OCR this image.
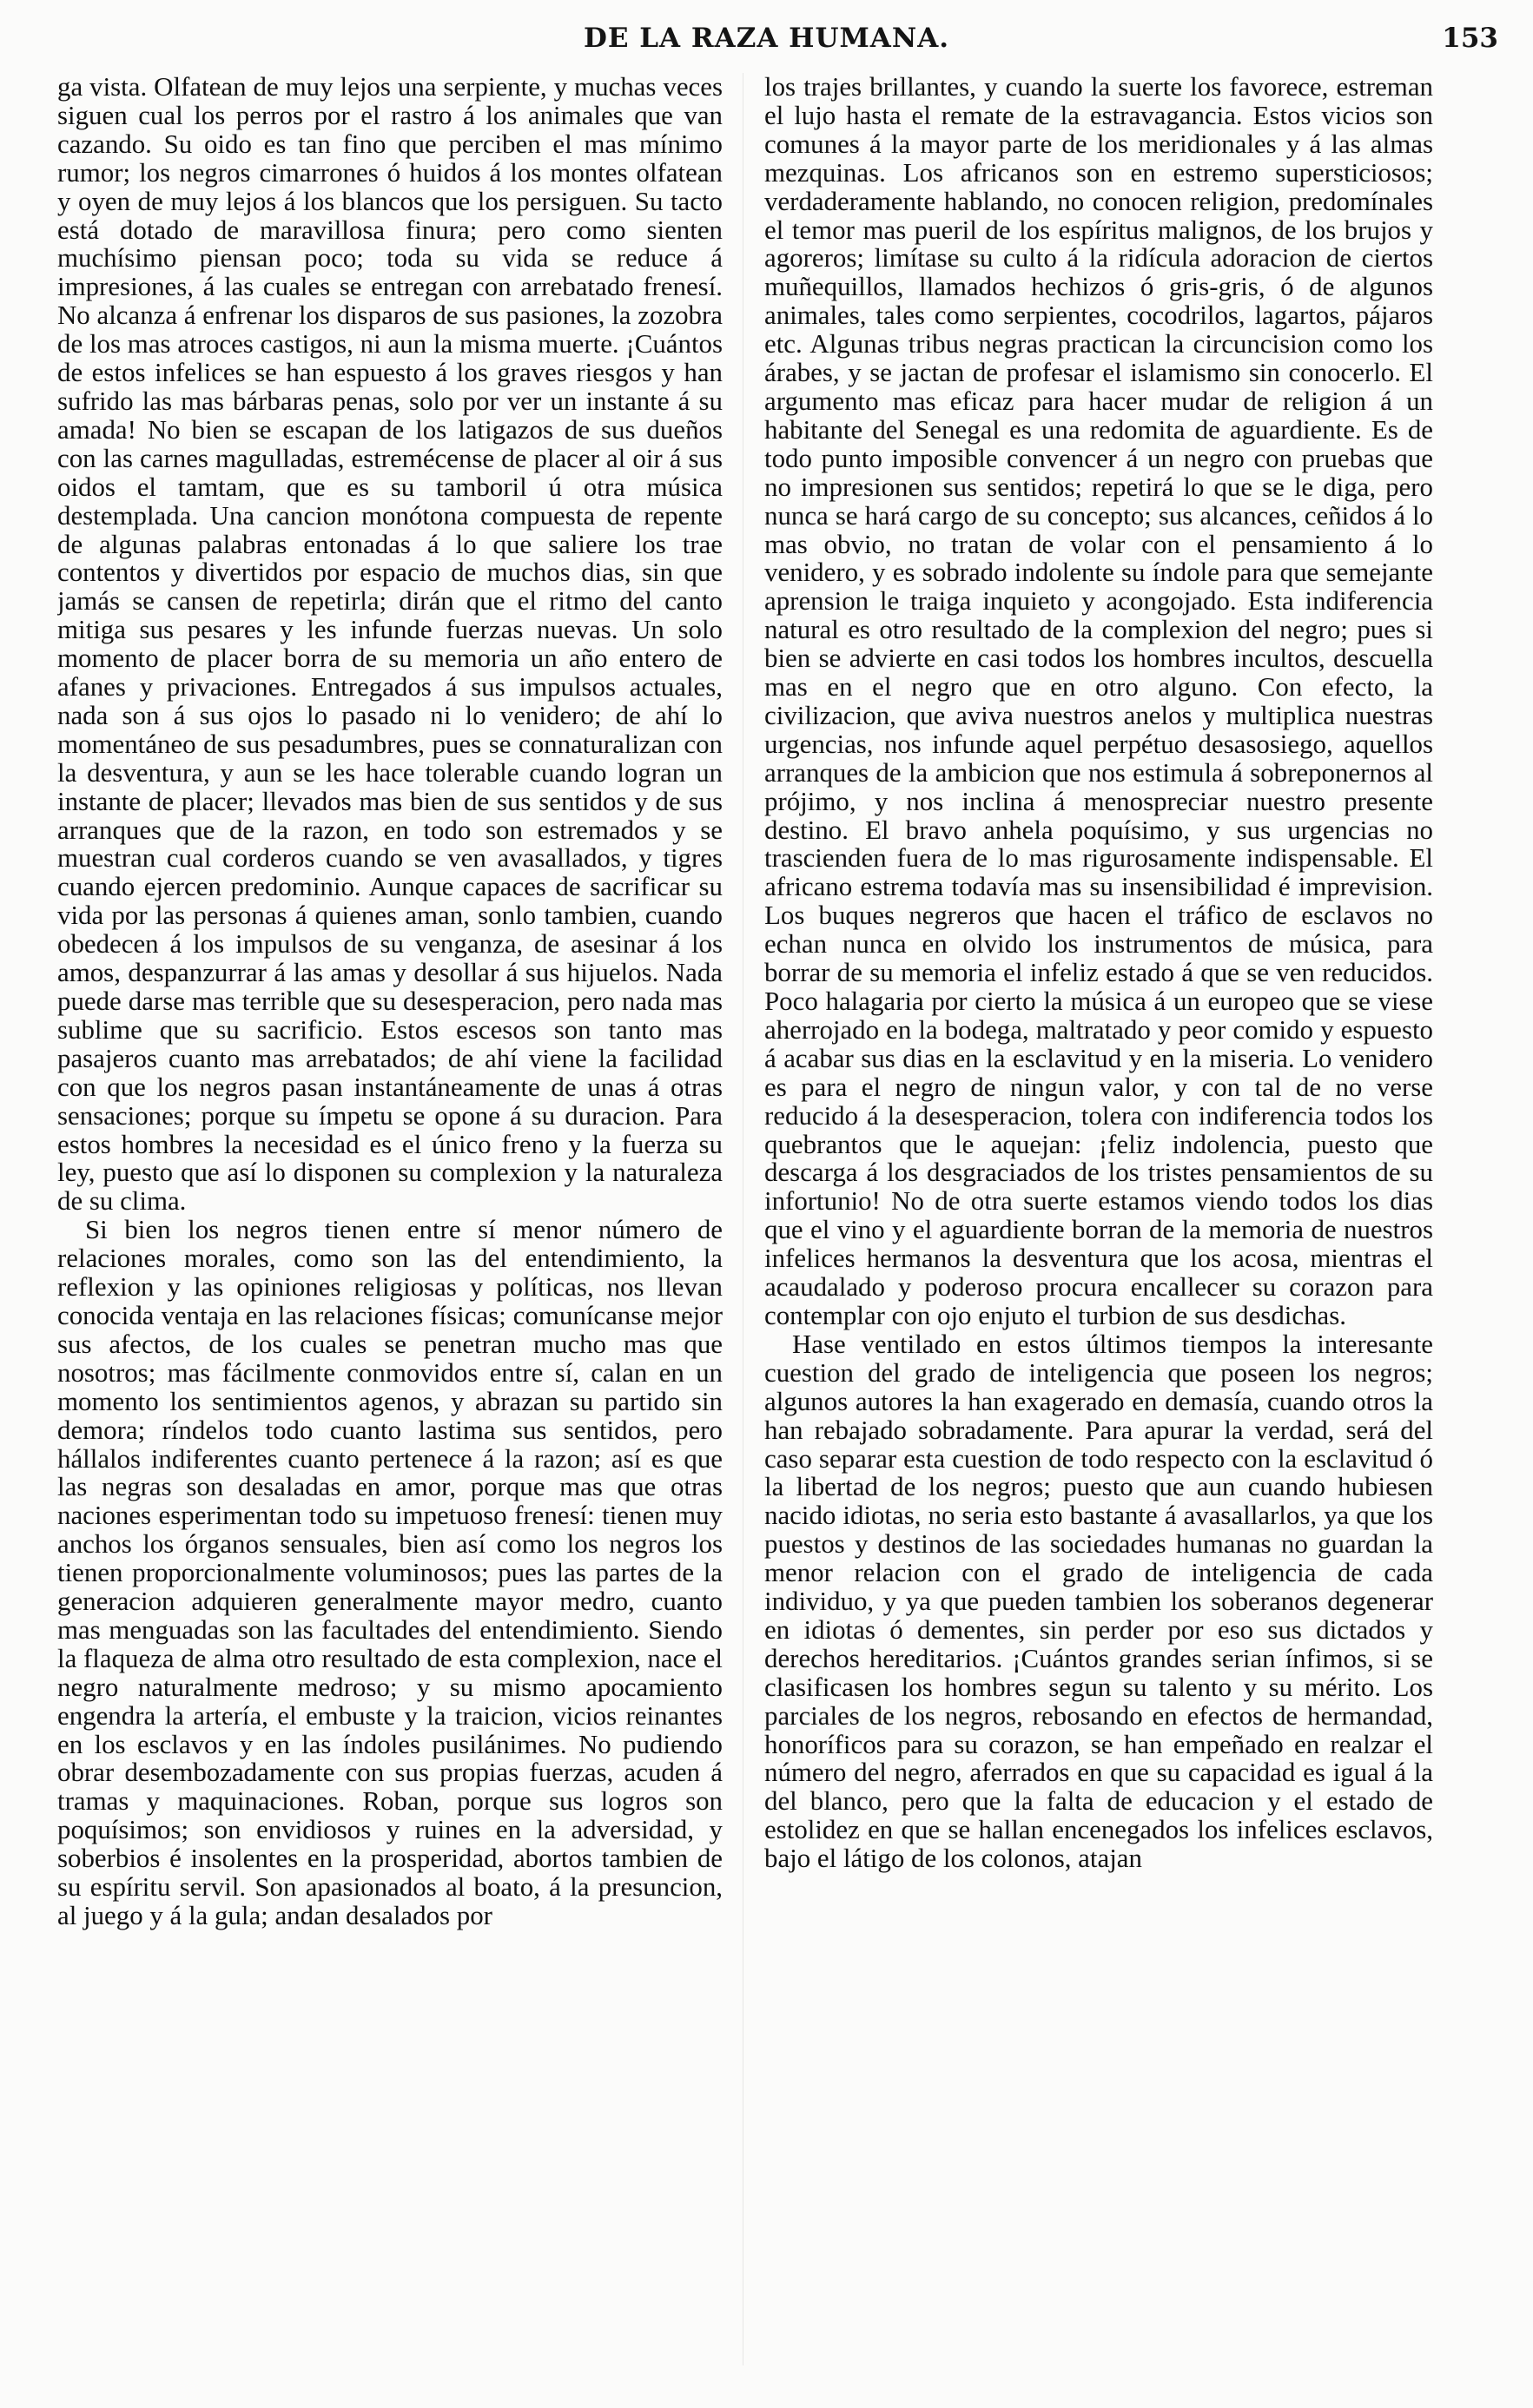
DE LA RAZA HUMANA.	153

ga vista. Olfatean de muy lejos una serpiente, y muchas veces siguen cual los perros por el rastro á los animales que van cazando. Su oido es tan fino que perciben el mas mínimo rumor; los negros cimarrones ó huidos á los montes olfatean y oyen de muy lejos á los blancos que los persiguen. Su tacto está dotado de maravillosa finura; pero como sienten muchísimo piensan poco; toda su vida se reduce á impresiones, á las cuales se entregan con arrebatado frenesí. No alcanza á enfrenar los disparos de sus pasiones, la zozobra de los mas atroces castigos, ni aun la misma muerte. ¡Cuántos de estos infelices se han espuesto á los graves riesgos y han sufrido las mas bárbaras penas, solo por ver un instante á su amada! No bien se escapan de los latigazos de sus dueños con las carnes magulladas, estremécense de placer al oir á sus oidos el tamtam, que es su tamboril ú otra música destemplada. Una cancion monótona compuesta de repente de algunas palabras entonadas á lo que saliere los trae contentos y divertidos por espacio de muchos dias, sin que jamás se cansen de repetirla; dirán que el ritmo del canto mitiga sus pesares y les infunde fuerzas nuevas. Un solo momento de placer borra de su memoria un año entero de afanes y privaciones. Entregados á sus impulsos actuales, nada son á sus ojos lo pasado ni lo venidero; de ahí lo momentáneo de sus pesadumbres, pues se connaturalizan con la desventura, y aun se les hace tolerable cuando logran un instante de placer; llevados mas bien de sus sentidos y de sus arranques que de la razon, en todo son estremados y se muestran cual corderos cuando se ven avasallados, y tigres cuando ejercen predominio. Aunque capaces de sacrificar su vida por las personas á quienes aman, sonlo tambien, cuando obedecen á los impulsos de su venganza, de asesinar á los amos, despanzurrar á las amas y desollar á sus hijuelos. Nada puede darse mas terrible que su desesperacion, pero nada mas sublime que su sacrificio. Estos escesos son tanto mas pasajeros cuanto mas arrebatados; de ahí viene la facilidad con que los negros pasan instantáneamente de unas á otras sensaciones; porque su ímpetu se opone á su duracion. Para estos hombres la necesidad es el único freno y la fuerza su ley, puesto que así lo disponen su complexion y la naturaleza de su clima.

Si bien los negros tienen entre sí menor número de relaciones morales, como son las del entendimiento, la reflexion y las opiniones religiosas y políticas, nos llevan conocida ventaja en las relaciones físicas; comunícanse mejor sus afectos, de los cuales se penetran mucho mas que nosotros; mas fácilmente conmovidos entre sí, calan en un momento los sentimientos agenos, y abrazan su partido sin demora; ríndelos todo cuanto lastima sus sentidos, pero hállalos indiferentes cuanto pertenece á la razon; así es que las negras son desaladas en amor, porque mas que otras naciones esperimentan todo su impetuoso frenesí: tienen muy anchos los órganos sensuales, bien así como los negros los tienen proporcionalmente voluminosos; pues las partes de la generacion adquieren generalmente mayor medro, cuanto mas menguadas son las facultades del entendimiento. Siendo la flaqueza de alma otro resultado de esta complexion, nace el negro naturalmente medroso; y su mismo apocamiento engendra la artería, el embuste y la traicion, vicios reinantes en los esclavos y en las índoles pusilánimes. No pudiendo obrar desembozadamente con sus propias fuerzas, acuden á tramas y maquinaciones. Roban, porque sus logros son poquísimos; son envidiosos y ruines en la adversidad, y soberbios é insolentes en la prosperidad, abortos tambien de su espíritu servil. Son apasionados al boato, á la presuncion, al juego y á la gula; andan desalados por

los trajes brillantes, y cuando la suerte los favorece, estreman el lujo hasta el remate de la estravagancia. Estos vicios son comunes á la mayor parte de los meridionales y á las almas mezquinas. Los africanos son en estremo supersticiosos; verdaderamente hablando, no conocen religion, predomínales el temor mas pueril de los espíritus malignos, de los brujos y agoreros; limítase su culto á la ridícula adoracion de ciertos muñequillos, llamados hechizos ó gris-gris, ó de algunos animales, tales como serpientes, cocodrilos, lagartos, pájaros etc. Algunas tribus negras practican la circuncision como los árabes, y se jactan de profesar el islamismo sin conocerlo. El argumento mas eficaz para hacer mudar de religion á un habitante del Senegal es una redomita de aguardiente. Es de todo punto imposible convencer á un negro con pruebas que no impresionen sus sentidos; repetirá lo que se le diga, pero nunca se hará cargo de su concepto; sus alcances, ceñidos á lo mas obvio, no tratan de volar con el pensamiento á lo venidero, y es sobrado indolente su índole para que semejante aprension le traiga inquieto y acongojado. Esta indiferencia natural es otro resultado de la complexion del negro; pues si bien se advierte en casi todos los hombres incultos, descuella mas en el negro que en otro alguno. Con efecto, la civilizacion, que aviva nuestros anelos y multiplica nuestras urgencias, nos infunde aquel perpétuo desasosiego, aquellos arranques de la ambicion que nos estimula á sobreponernos al prójimo, y nos inclina á menospreciar nuestro presente destino. El bravo anhela poquísimo, y sus urgencias no trascienden fuera de lo mas rigurosamente indispensable. El africano estrema todavía mas su insensibilidad é imprevision. Los buques negreros que hacen el tráfico de esclavos no echan nunca en olvido los instrumentos de música, para borrar de su memoria el infeliz estado á que se ven reducidos. Poco halagaria por cierto la música á un europeo que se viese aherrojado en la bodega, maltratado y peor comido y espuesto á acabar sus dias en la esclavitud y en la miseria. Lo venidero es para el negro de ningun valor, y con tal de no verse reducido á la desesperacion, tolera con indiferencia todos los quebrantos que le aquejan: ¡feliz indolencia, puesto que descarga á los desgraciados de los tristes pensamientos de su infortunio! No de otra suerte estamos viendo todos los dias que el vino y el aguardiente borran de la memoria de nuestros infelices hermanos la desventura que los acosa, mientras el acaudalado y poderoso procura encallecer su corazon para contemplar con ojo enjuto el turbion de sus desdichas.

Hase ventilado en estos últimos tiempos la interesante cuestion del grado de inteligencia que poseen los negros; algunos autores la han exagerado en demasía, cuando otros la han rebajado sobradamente. Para apurar la verdad, será del caso separar esta cuestion de todo respecto con la esclavitud ó la libertad de los negros; puesto que aun cuando hubiesen nacido idiotas, no seria esto bastante á avasallarlos, ya que los puestos y destinos de las sociedades humanas no guardan la menor relacion con el grado de inteligencia de cada individuo, y ya que pueden tambien los soberanos degenerar en idiotas ó dementes, sin perder por eso sus dictados y derechos hereditarios. ¡Cuántos grandes serian ínfimos, si se clasificasen los hombres segun su talento y su mérito. Los parciales de los negros, rebosando en efectos de hermandad, honoríficos para su corazon, se han empeñado en realzar el número del negro, aferrados en que su capacidad es igual á la del blanco, pero que la falta de educacion y el estado de estolidez en que se hallan encenegados los infelices esclavos, bajo el látigo de los colonos, atajan
